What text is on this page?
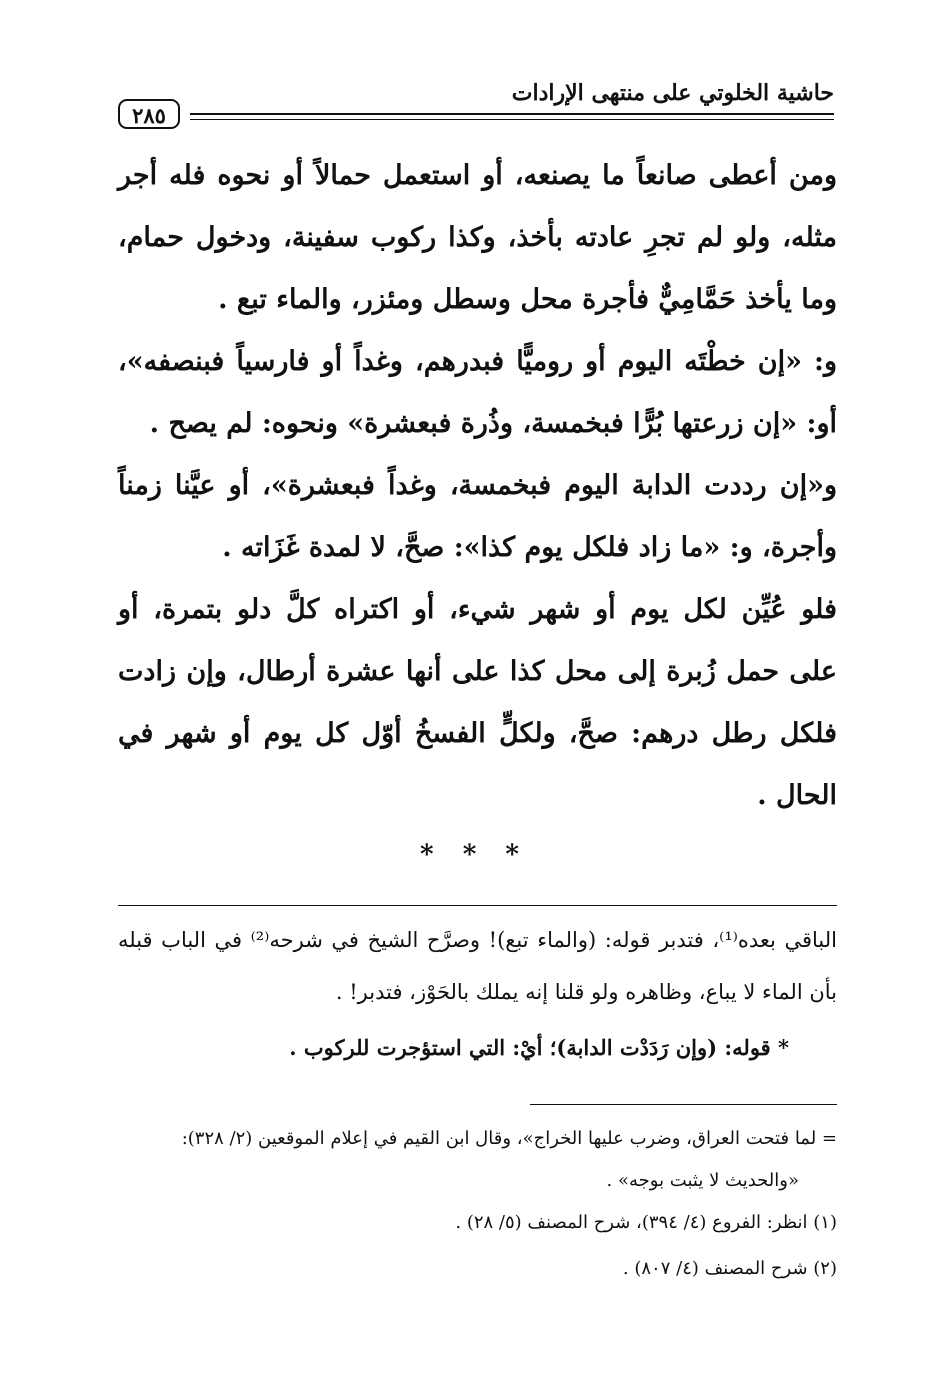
حاشية الخلوتي على منتهى الإرادات
٢٨٥
ومن أعطى صانعاً ما يصنعه، أو استعمل حمالاً أو نحوه فله أجر
مثله، ولو لم تجرِ عادته بأخذ، وكذا ركوب سفينة، ودخول حمام،
وما يأخذ حَمَّامِيٌّ فأجرة محل وسطل ومئزر، والماء تبع .
و: «إن خطْتَه اليوم أو روميًّا فبدرهم، وغداً أو فارسياً فبنصفه»،
أو: «إن زرعتها بُرًّا فبخمسة، وذُرة فبعشرة» ونحوه: لم يصح .
و«إن رددت الدابة اليوم فبخمسة، وغداً فبعشرة»، أو عيَّنا زمناً
وأجرة، و: «ما زاد فلكل يوم كذا»: صحَّ، لا لمدة غَزَاته .
فلو عُيِّن لكل يوم أو شهر شيء، أو اكتراه كلَّ دلو بتمرة، أو
على حمل زُبرة إلى محل كذا على أنها عشرة أرطال، وإن زادت
فلكل رطل درهم: صحَّ، ولكلٍّ الفسخُ أوّل كل يوم أو شهر في
الحال .
* * *
الباقي بعده⁽¹⁾، فتدبر قوله: (والماء تبع)! وصرَّح الشيخ في شرحه⁽²⁾ في الباب قبله
بأن الماء لا يباع، وظاهره ولو قلنا إنه يملك بالحَوْز، فتدبر! .
* قوله: (وإن رَدَدْت الدابة)؛ أيْ: التي استؤجرت للركوب .
= لما فتحت العراق، وضرب عليها الخراج»، وقال ابن القيم في إعلام الموقعين (٢/ ٣٢٨):
«والحديث لا يثبت بوجه» .
(١) انظر: الفروع (٤/ ٣٩٤)، شرح المصنف (٥/ ٢٨) .
(٢) شرح المصنف (٤/ ٨٠٧) .
